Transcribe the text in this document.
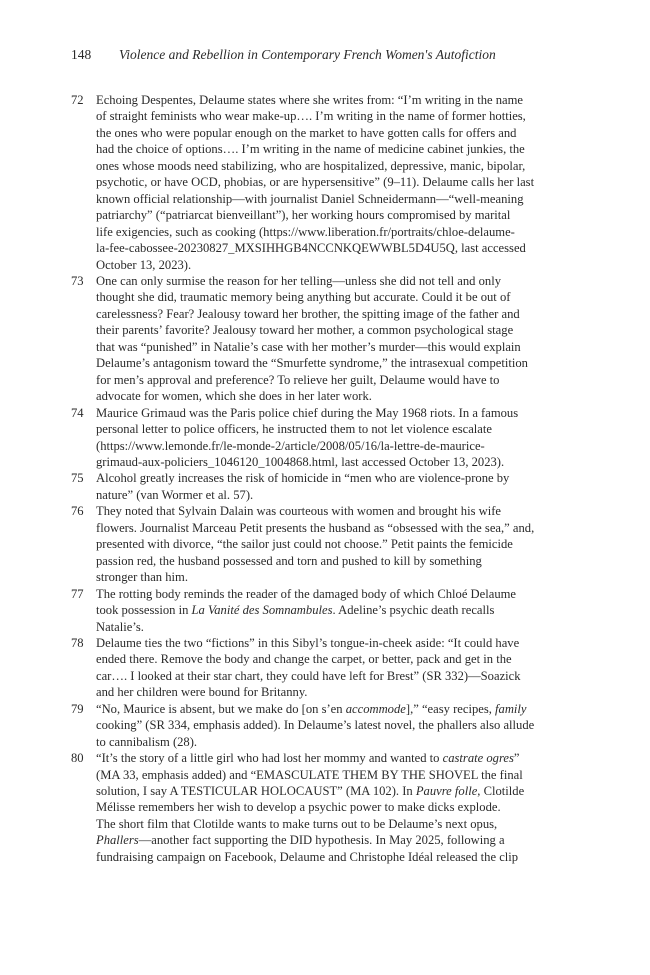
148 Violence and Rebellion in Contemporary French Women's Autofiction
72 Echoing Despentes, Delaume states where she writes from: “I’m writing in the name

of straight feminists who wear make-up…. I’m writing in the name of former hotties,

the ones who were popular enough on the market to have gotten calls for offers and

had the choice of options…. I’m writing in the name of medicine cabinet junkies, the

ones whose moods need stabilizing, who are hospitalized, depressive, manic, bipolar,

psychotic, or have OCD, phobias, or are hypersensitive” (9–11). Delaume calls her last

known official relationship—with journalist Daniel Schneidermann—“well-meaning

patriarchy” (“patriarcat bienveillant”), her working hours compromised by marital

life exigencies, such as cooking (https://www.liberation.fr/portraits/chloe-delaume-

la-fee-cabossee-20230827_MXSIHHGB4NCCNKQEWWBL5D4U5Q, last accessed

October 13, 2023).

73 One can only surmise the reason for her telling—unless she did not tell and only

thought she did, traumatic memory being anything but accurate. Could it be out of

carelessness? Fear? Jealousy toward her brother, the spitting image of the father and

their parents’ favorite? Jealousy toward her mother, a common psychological stage

that was “punished” in Natalie’s case with her mother’s murder—this would explain

Delaume’s antagonism toward the “Smurfette syndrome,” the intrasexual competition

for men’s approval and preference? To relieve her guilt, Delaume would have to

advocate for women, which she does in her later work.

74 Maurice Grimaud was the Paris police chief during the May 1968 riots. In a famous

personal letter to police officers, he instructed them to not let violence escalate

(https://www.lemonde.fr/le-monde-2/article/2008/05/16/la-lettre-de-maurice-

grimaud-aux-policiers_1046120_1004868.html, last accessed October 13, 2023).

75 Alcohol greatly increases the risk of homicide in “men who are violence-prone by

nature” (van Wormer et al. 57).

76 They noted that Sylvain Dalain was courteous with women and brought his wife

flowers. Journalist Marceau Petit presents the husband as “obsessed with the sea,” and,

presented with divorce, “the sailor just could not choose.” Petit paints the femicide

passion red, the husband possessed and torn and pushed to kill by something

stronger than him.

77 The rotting body reminds the reader of the damaged body of which Chloé Delaume

took possession in La Vanité des Somnambules. Adeline’s psychic death recalls

Natalie’s.

78 Delaume ties the two “fictions” in this Sibyl’s tongue-in-cheek aside: “It could have

ended there. Remove the body and change the carpet, or better, pack and get in the

car…. I looked at their star chart, they could have left for Brest” (SR 332)—Soazick

and her children were bound for Britanny.

79 “No, Maurice is absent, but we make do [on s’en accommode],” “easy recipes, family

cooking” (SR 334, emphasis added). In Delaume’s latest novel, the phallers also allude

to cannibalism (28).

80 “It’s the story of a little girl who had lost her mommy and wanted to castrate ogres”

(MA 33, emphasis added) and “EMASCULATE THEM BY THE SHOVEL the final

solution, I say A TESTICULAR HOLOCAUST” (MA 102). In Pauvre folle, Clotilde

Mélisse remembers her wish to develop a psychic power to make dicks explode.

The short film that Clotilde wants to make turns out to be Delaume’s next opus,

Phallers—another fact supporting the DID hypothesis. In May 2025, following a

fundraising campaign on Facebook, Delaume and Christophe Idéal released the clip
